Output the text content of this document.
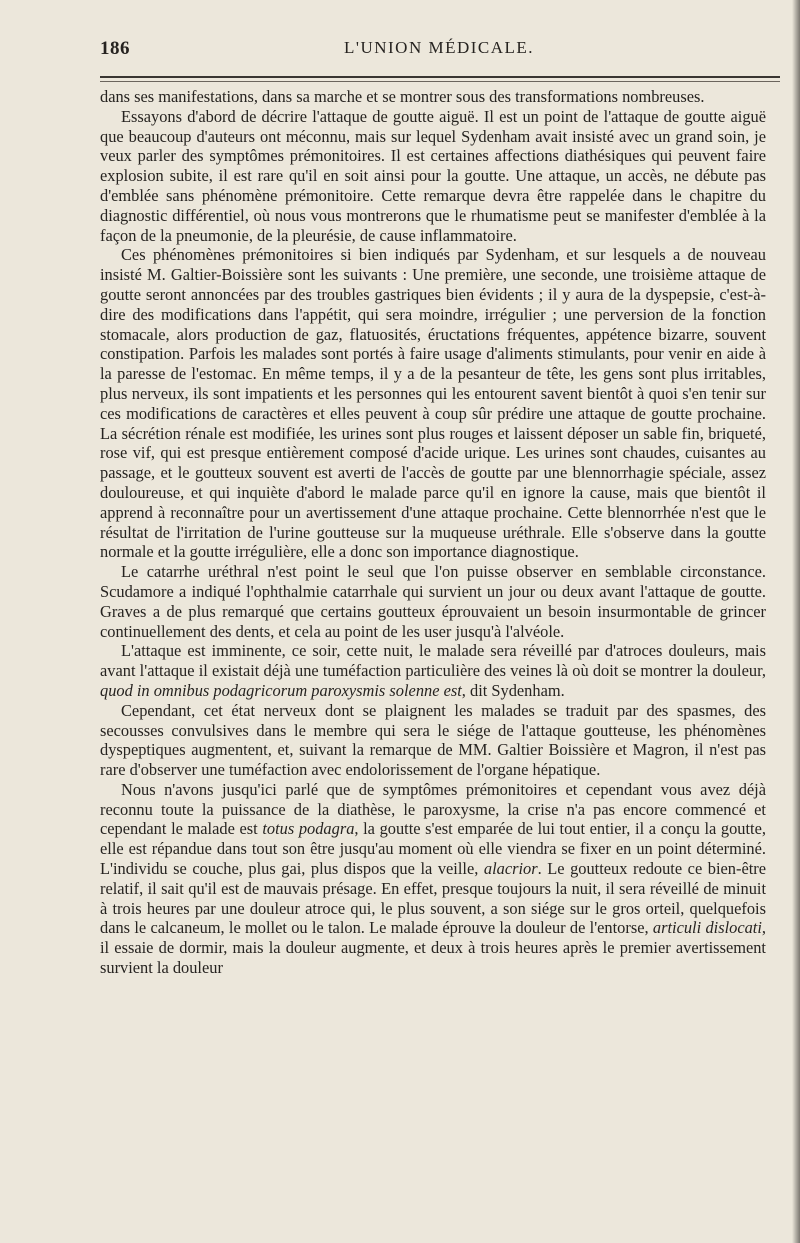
186	L'UNION MÉDICALE.

dans ses manifestations, dans sa marche et se montrer sous des transformations nombreuses.

Essayons d'abord de décrire l'attaque de goutte aiguë. Il est un point de l'attaque de goutte aiguë que beaucoup d'auteurs ont méconnu, mais sur lequel Sydenham avait insisté avec un grand soin, je veux parler des symptômes prémonitoires. Il est certaines affections diathésiques qui peuvent faire explosion subite, il est rare qu'il en soit ainsi pour la goutte. Une attaque, un accès, ne débute pas d'emblée sans phénomène prémonitoire. Cette remarque devra être rappelée dans le chapitre du diagnostic différentiel, où nous vous montrerons que le rhumatisme peut se manifester d'emblée à la façon de la pneumonie, de la pleurésie, de cause inflammatoire.

Ces phénomènes prémonitoires si bien indiqués par Sydenham, et sur lesquels a de nouveau insisté M. Galtier-Boissière sont les suivants : Une première, une seconde, une troisième attaque de goutte seront annoncées par des troubles gastriques bien évidents ; il y aura de la dyspepsie, c'est-à-dire des modifications dans l'appétit, qui sera moindre, irrégulier ; une perversion de la fonction stomacale, alors production de gaz, flatuosités, éructations fréquentes, appétence bizarre, souvent constipation. Parfois les malades sont portés à faire usage d'aliments stimulants, pour venir en aide à la paresse de l'estomac. En même temps, il y a de la pesanteur de tête, les gens sont plus irritables, plus nerveux, ils sont impatients et les personnes qui les entourent savent bientôt à quoi s'en tenir sur ces modifications de caractères et elles peuvent à coup sûr prédire une attaque de goutte prochaine. La sécrétion rénale est modifiée, les urines sont plus rouges et laissent déposer un sable fin, briqueté, rose vif, qui est presque entièrement composé d'acide urique. Les urines sont chaudes, cuisantes au passage, et le goutteux souvent est averti de l'accès de goutte par une blennorrhagie spéciale, assez douloureuse, et qui inquiète d'abord le malade parce qu'il en ignore la cause, mais que bientôt il apprend à reconnaître pour un avertissement d'une attaque prochaine. Cette blennorrhée n'est que le résultat de l'irritation de l'urine goutteuse sur la muqueuse uréthrale. Elle s'observe dans la goutte normale et la goutte irrégulière, elle a donc son importance diagnostique.

Le catarrhe uréthral n'est point le seul que l'on puisse observer en semblable circonstance. Scudamore a indiqué l'ophthalmie catarrhale qui survient un jour ou deux avant l'attaque de goutte. Graves a de plus remarqué que certains goutteux éprouvaient un besoin insurmontable de grincer continuellement des dents, et cela au point de les user jusqu'à l'alvéole.

L'attaque est imminente, ce soir, cette nuit, le malade sera réveillé par d'atroces douleurs, mais avant l'attaque il existait déjà une tuméfaction particulière des veines là où doit se montrer la douleur, quod in omnibus podagricorum paroxysmis solenne est, dit Sydenham.

Cependant, cet état nerveux dont se plaignent les malades se traduit par des spasmes, des secousses convulsives dans le membre qui sera le siége de l'attaque goutteuse, les phénomènes dyspeptiques augmentent, et, suivant la remarque de MM. Galtier Boissière et Magron, il n'est pas rare d'observer une tuméfaction avec endolorissement de l'organe hépatique.

Nous n'avons jusqu'ici parlé que de symptômes prémonitoires et cependant vous avez déjà reconnu toute la puissance de la diathèse, le paroxysme, la crise n'a pas encore commencé et cependant le malade est totus podagra, la goutte s'est emparée de lui tout entier, il a conçu la goutte, elle est répandue dans tout son être jusqu'au moment où elle viendra se fixer en un point déterminé. L'individu se couche, plus gai, plus dispos que la veille, alacrior. Le goutteux redoute ce bien-être relatif, il sait qu'il est de mauvais présage. En effet, presque toujours la nuit, il sera réveillé de minuit à trois heures par une douleur atroce qui, le plus souvent, a son siége sur le gros orteil, quelquefois dans le calcaneum, le mollet ou le talon. Le malade éprouve la douleur de l'entorse, articuli dislocati, il essaie de dormir, mais la douleur augmente, et deux à trois heures après le premier avertissement survient la douleur
